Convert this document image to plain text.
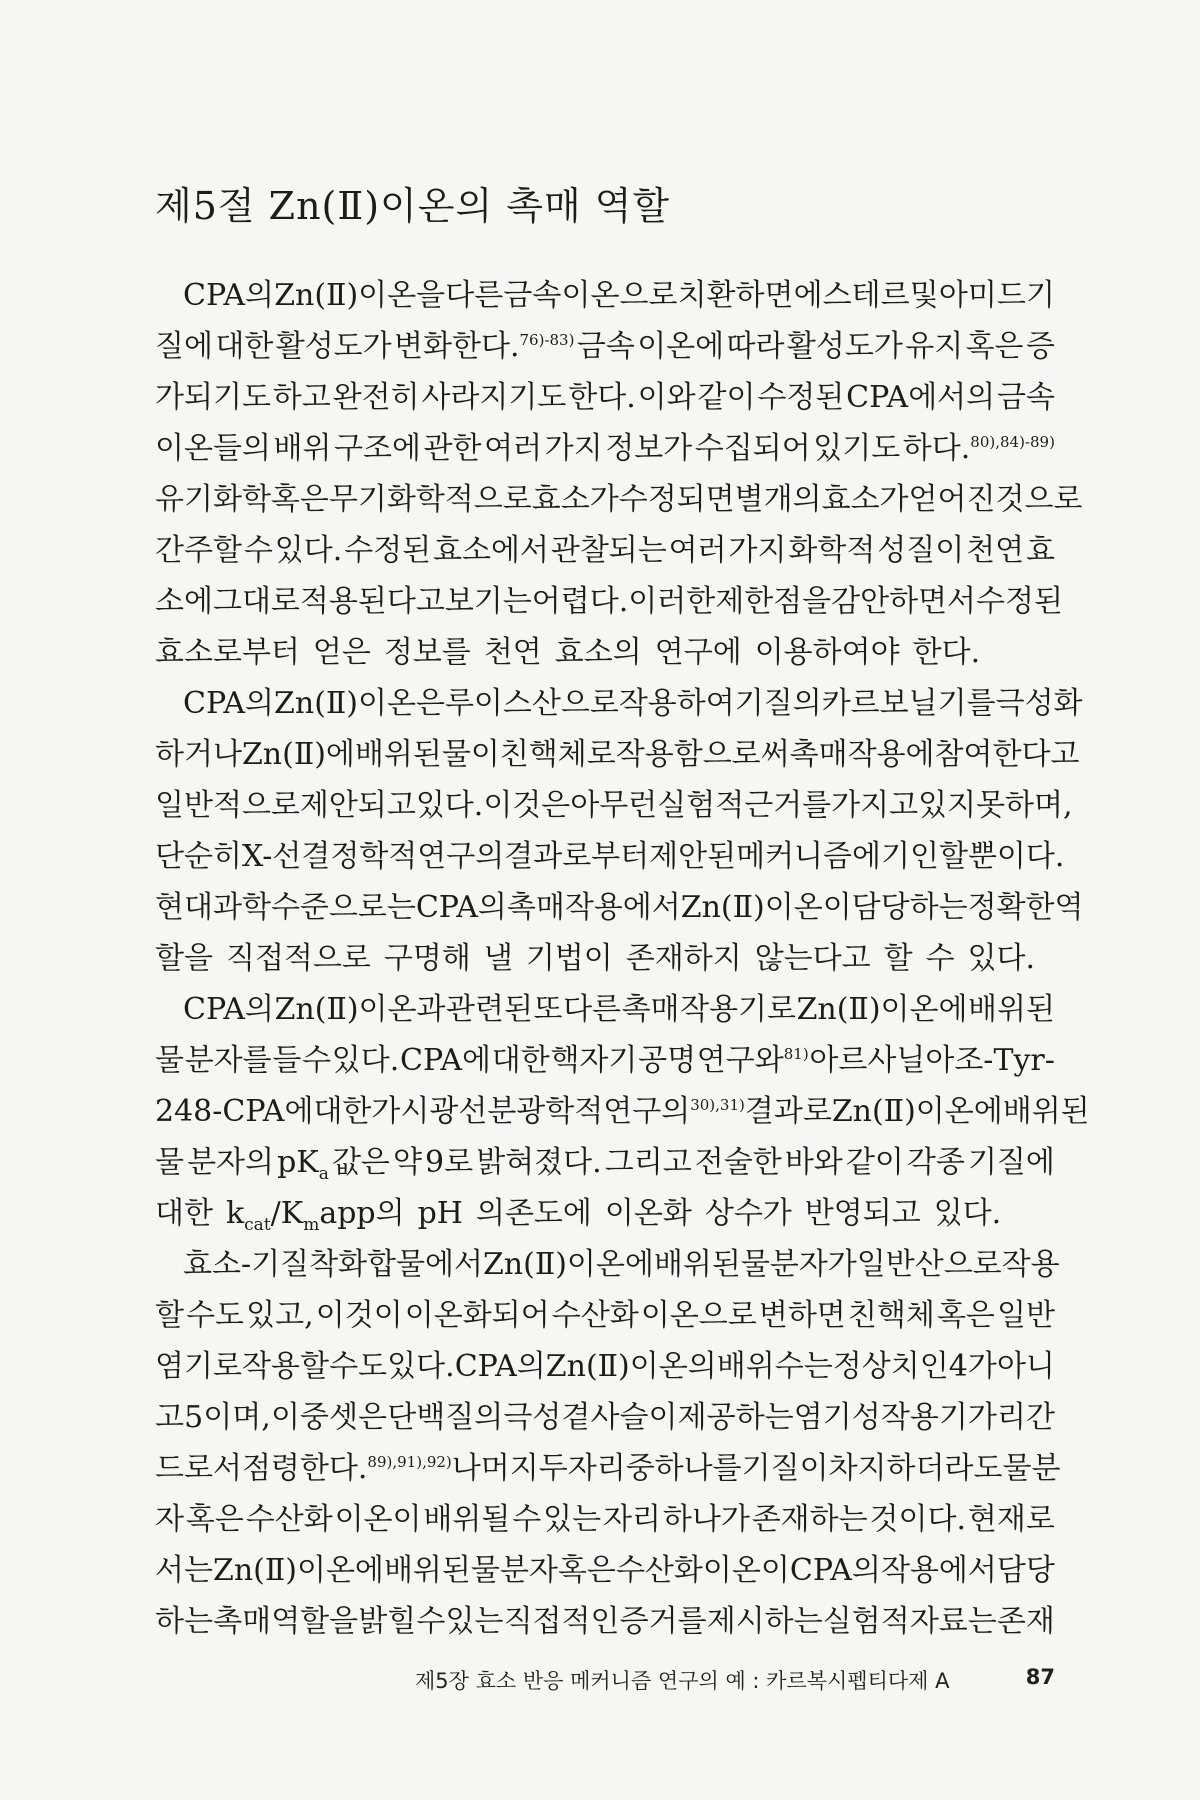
제5절 Zn(Ⅱ)이온의 촉매 역할
CPA의 Zn(Ⅱ)이온을 다른 금속 이온으로 치환하면 에스테르 및 아미드 기
질에 대한 활성도가 변화한다.$^{76)-83)}$ 금속 이온에 따라 활성도가 유지 혹은 증
가되기도 하고 완전히 사라지기도 한다. 이와 같이 수정된 CPA에서의 금속
이온들의 배위 구조에 관한 여러 가지 정보가 수집되어 있기도 하다.$^{80),84)-89)}$
유기화학 혹은 무기화학적으로 효소가 수정되면 별개의 효소가 얻어진 것으로
간주할 수 있다. 수정된 효소에서 관찰되는 여러 가지 화학적 성질이 천연 효
소에 그대로 적용된다고 보기는 어렵다. 이러한 제한점을 감안하면서 수정된
효소로부터 얻은 정보를 천연 효소의 연구에 이용하여야 한다.
CPA의 Zn(Ⅱ)이온은 루이스산으로 작용하여 기질의 카르보닐기를 극성화
하거나 Zn(Ⅱ)에 배위된 물이 친핵체로 작용함으로써 촉매작용에 참여한다고
일반적으로 제안되고 있다. 이것은 아무런 실험적 근거를 가지고 있지 못하며,
단순히 X-선 결정학적 연구의 결과로부터 제안된 메커니즘에 기인할 뿐이다.
현대 과학 수준으로는 CPA의 촉매작용에서 Zn(Ⅱ)이온이 담당하는 정확한 역
할을 직접적으로 구명해 낼 기법이 존재하지 않는다고 할 수 있다.
CPA의 Zn(Ⅱ)이온과 관련된 또 다른 촉매 작용기로 Zn(Ⅱ)이온에 배위된
물 분자를 들 수 있다. CPA에 대한 핵자기 공명 연구와$^{81)}$ 아르사닐아조-Tyr-
248-CPA에 대한 가시광선 분광학적 연구의$^{30),31)}$ 결과로 Zn(Ⅱ)이온에 배위된
물 분자의 $pK_a$ 값은 약 9로 밝혀졌다. 그리고 전술한 바와 같이 각종 기질에
대한 $k_{cat}/K_mapp$의 pH 의존도에 이온화 상수가 반영되고 있다.
효소-기질 착화합물에서 Zn(Ⅱ)이온에 배위된 물 분자가 일반 산으로 작용
할 수도 있고, 이것이 이온화되어 수산화 이온으로 변하면 친핵체 혹은 일반
염기로 작용할 수도 있다. CPA의 Zn(Ⅱ)이온의 배위수는 정상치인 4가 아니
고 5이며, 이중 셋은 단백질의 극성 곁사슬이 제공하는 염기성 작용기가 리간
드로서 점령한다.$^{89),91),92)}$ 나머지 두 자리 중 하나를 기질이 차지하더라도 물 분
자 혹은 수산화 이온이 배위될 수 있는 자리 하나가 존재하는 것이다. 현재로
서는 Zn(Ⅱ)이온에 배위된 물 분자 혹은 수산화 이온이 CPA의 작용에서 담당
하는 촉매 역할을 밝힐 수 있는 직접적인 증거를 제시하는 실험적 자료는 존재
제5장 효소 반응 메커니즘 연구의 예 : 카르복시펩티다제 A	87
